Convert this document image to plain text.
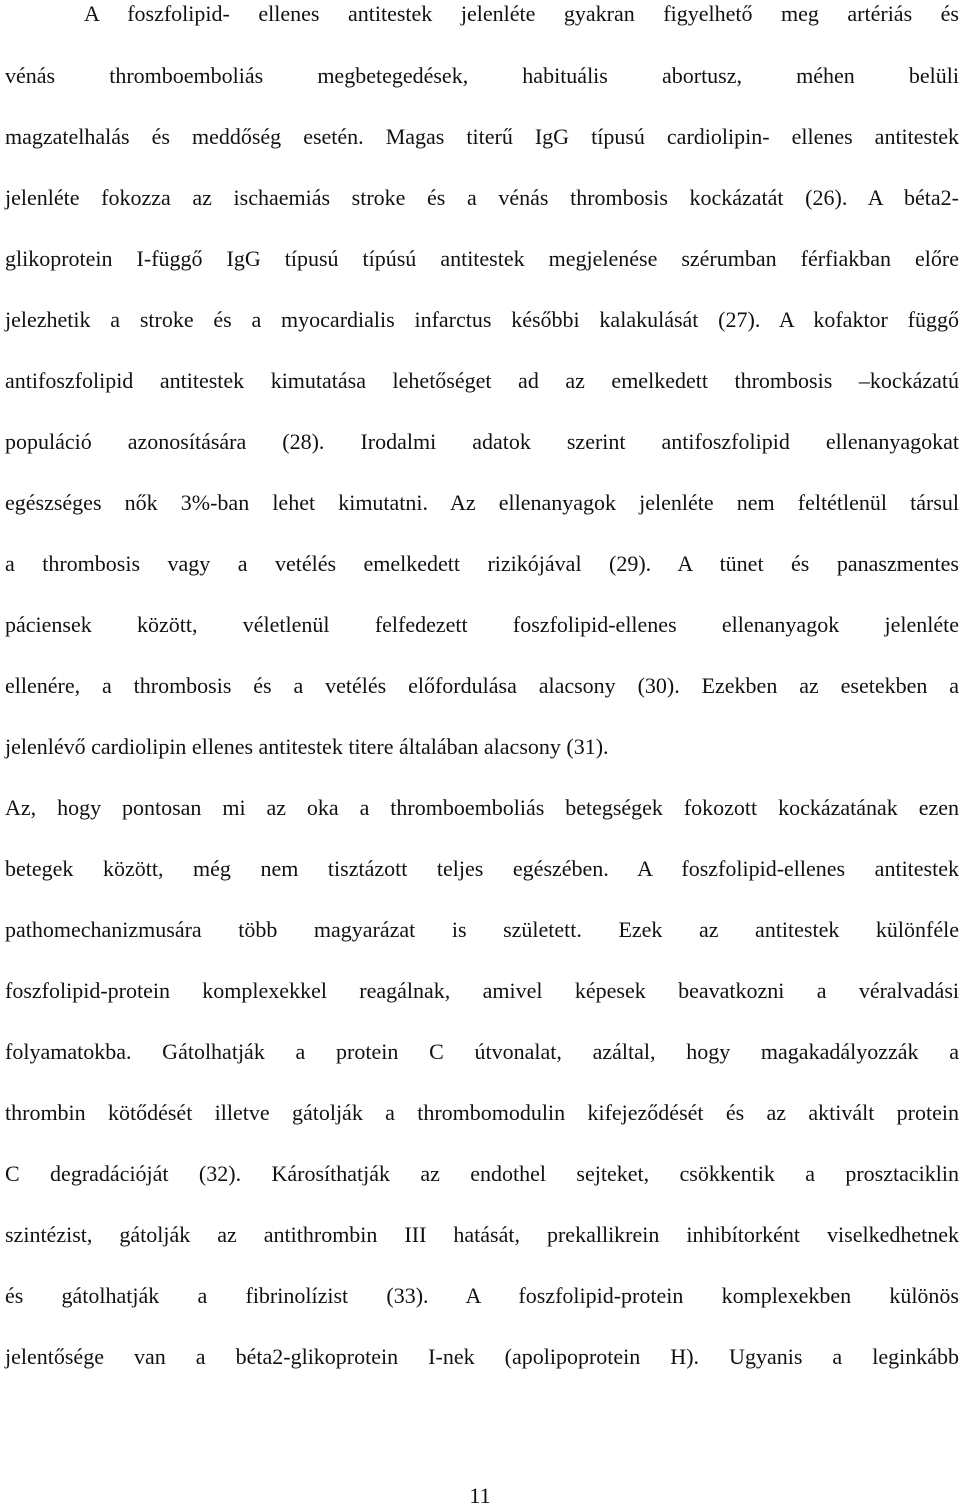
A foszfolipid- ellenes antitestek jelenléte gyakran figyelhető meg artériás és
vénás thromboemboliás megbetegedések, habituális abortusz, méhen belüli
magzatelhalás és meddőség esetén. Magas titerű IgG típusú cardiolipin- ellenes antitestek
jelenléte fokozza az ischaemiás stroke és a vénás thrombosis kockázatát (26). A béta2-
glikoprotein I-függő IgG típusú típúsú antitestek megjelenése szérumban férfiakban előre
jelezhetik a stroke és a myocardialis infarctus későbbi kalakulását (27). A kofaktor függő
antifoszfolipid antitestek kimutatása lehetőséget ad az emelkedett thrombosis –kockázatú
populáció azonosítására (28). Irodalmi adatok szerint antifoszfolipid ellenanyagokat
egészséges nők 3%-ban lehet kimutatni. Az ellenanyagok jelenléte nem feltétlenül társul
a thrombosis vagy a vetélés emelkedett rizikójával (29). A tünet és panaszmentes
páciensek között, véletlenül felfedezett foszfolipid-ellenes ellenanyagok jelenléte
ellenére, a thrombosis és a vetélés előfordulása alacsony (30). Ezekben az esetekben a
jelenlévő cardiolipin ellenes antitestek titere általában alacsony (31).
Az, hogy pontosan mi az oka a thromboemboliás betegségek fokozott kockázatának ezen
betegek között, még nem tisztázott teljes egészében. A foszfolipid-ellenes antitestek
pathomechanizmusára több magyarázat is született. Ezek az antitestek különféle
foszfolipid-protein komplexekkel reagálnak, amivel képesek beavatkozni a véralvadási
folyamatokba. Gátolhatják a protein C útvonalat, azáltal, hogy magakadályozzák a
thrombin kötődését illetve gátolják a thrombomodulin kifejeződését és az aktivált protein
C degradációját (32). Károsíthatják az endothel sejteket, csökkentik a prosztaciklin
szintézist, gátolják az antithrombin III hatását, prekallikrein inhibítorként viselkedhetnek
és gátolhatják a fibrinolízist (33). A foszfolipid-protein komplexekben különös
jelentősége van a béta2-glikoprotein I-nek (apolipoprotein H). Ugyanis a leginkább
11
